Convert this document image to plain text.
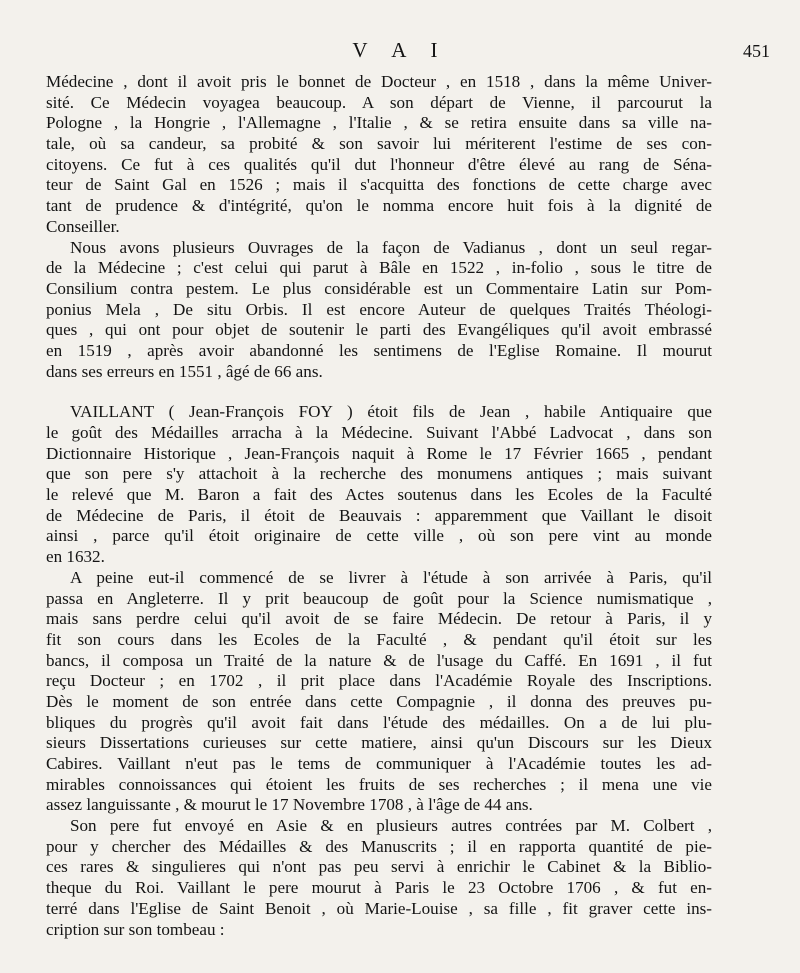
V A I	451
Médecine , dont il avoit pris le bonnet de Docteur , en 1518 , dans la même Univer-
sité. Ce Médecin voyagea beaucoup. A son départ de Vienne, il parcourut la
Pologne , la Hongrie , l'Allemagne , l'Italie , & se retira ensuite dans sa ville na-
tale, où sa candeur, sa probité & son savoir lui mériterent l'estime de ses con-
citoyens. Ce fut à ces qualités qu'il dut l'honneur d'être élevé au rang de Séna-
teur de Saint Gal en 1526 ; mais il s'acquitta des fonctions de cette charge avec
tant de prudence & d'intégrité, qu'on le nomma encore huit fois à la dignité de
Conseiller.
Nous avons plusieurs Ouvrages de la façon de Vadianus , dont un seul regar-
de la Médecine ; c'est celui qui parut à Bâle en 1522 , in-folio , sous le titre de
Consilium contra pestem. Le plus considérable est un Commentaire Latin sur Pom-
ponius Mela , De situ Orbis. Il est encore Auteur de quelques Traités Théologi-
ques , qui ont pour objet de soutenir le parti des Evangéliques qu'il avoit embrassé
en 1519 , après avoir abandonné les sentimens de l'Eglise Romaine. Il mourut
dans ses erreurs en 1551 , âgé de 66 ans.
VAILLANT ( Jean-François FOY ) étoit fils de Jean , habile Antiquaire que
le goût des Médailles arracha à la Médecine. Suivant l'Abbé Ladvocat , dans son
Dictionnaire Historique , Jean-François naquit à Rome le 17 Février 1665 , pendant
que son pere s'y attachoit à la recherche des monumens antiques ; mais suivant
le relevé que M. Baron a fait des Actes soutenus dans les Ecoles de la Faculté
de Médecine de Paris, il étoit de Beauvais : apparemment que Vaillant le disoit
ainsi , parce qu'il étoit originaire de cette ville , où son pere vint au monde
en 1632.
A peine eut-il commencé de se livrer à l'étude à son arrivée à Paris, qu'il
passa en Angleterre. Il y prit beaucoup de goût pour la Science numismatique ,
mais sans perdre celui qu'il avoit de se faire Médecin. De retour à Paris, il y
fit son cours dans les Ecoles de la Faculté , & pendant qu'il étoit sur les
bancs, il composa un Traité de la nature & de l'usage du Caffé. En 1691 , il fut
reçu Docteur ; en 1702 , il prit place dans l'Académie Royale des Inscriptions.
Dès le moment de son entrée dans cette Compagnie , il donna des preuves pu-
bliques du progrès qu'il avoit fait dans l'étude des médailles. On a de lui plu-
sieurs Dissertations curieuses sur cette matiere, ainsi qu'un Discours sur les Dieux
Cabires. Vaillant n'eut pas le tems de communiquer à l'Académie toutes les ad-
mirables connoissances qui étoient les fruits de ses recherches ; il mena une vie
assez languissante , & mourut le 17 Novembre 1708 , à l'âge de 44 ans.
Son pere fut envoyé en Asie & en plusieurs autres contrées par M. Colbert ,
pour y chercher des Médailles & des Manuscrits ; il en rapporta quantité de pie-
ces rares & singulieres qui n'ont pas peu servi à enrichir le Cabinet & la Biblio-
theque du Roi. Vaillant le pere mourut à Paris le 23 Octobre 1706 , & fut en-
terré dans l'Eglise de Saint Benoit , où Marie-Louise , sa fille , fit graver cette ins-
cription sur son tombeau :
